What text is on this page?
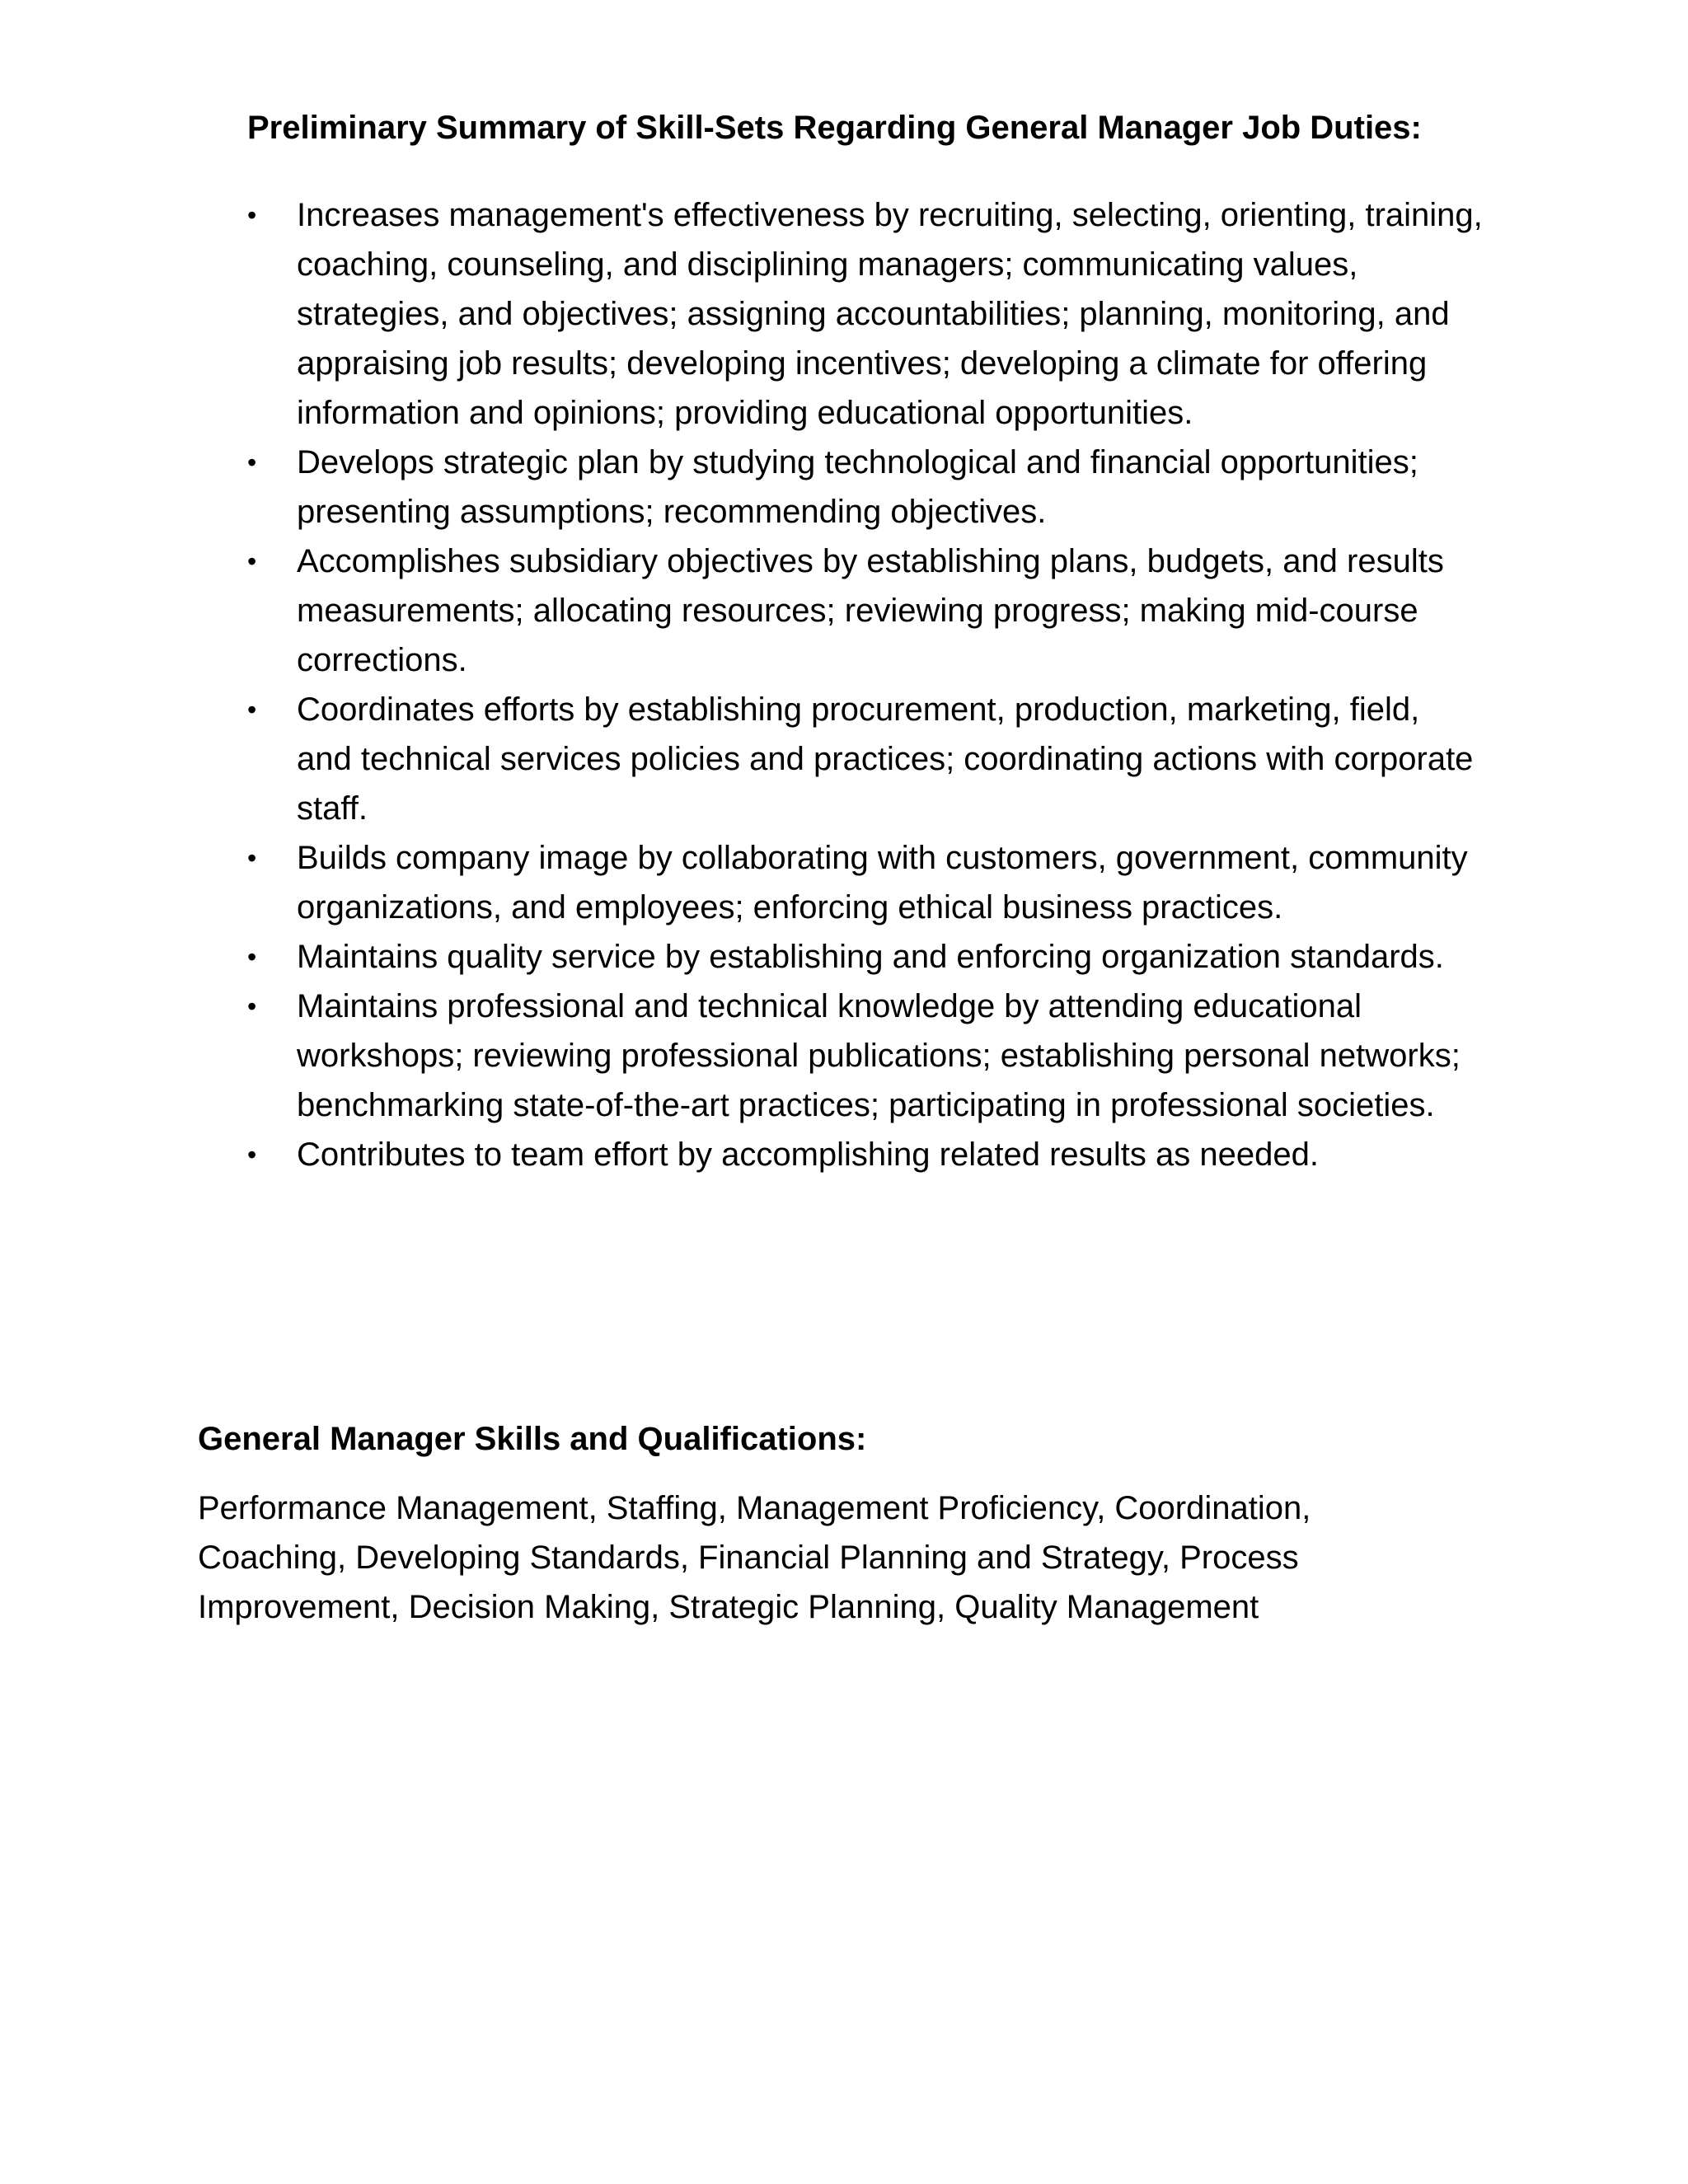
Preliminary Summary of Skill-Sets Regarding General Manager Job Duties:
•	Increases management's effectiveness by recruiting, selecting, orienting, training, coaching, counseling, and disciplining managers; communicating values, strategies, and objectives; assigning accountabilities; planning, monitoring, and appraising job results; developing incentives; developing a climate for offering information and opinions; providing educational opportunities.
•	Develops strategic plan by studying technological and financial opportunities; presenting assumptions; recommending objectives.
•	Accomplishes subsidiary objectives by establishing plans, budgets, and results measurements; allocating resources; reviewing progress; making mid-course corrections.
•	Coordinates efforts by establishing procurement, production, marketing, field, and technical services policies and practices; coordinating actions with corporate staff.
•	Builds company image by collaborating with customers, government, community organizations, and employees; enforcing ethical business practices.
•	Maintains quality service by establishing and enforcing organization standards.
•	Maintains professional and technical knowledge by attending educational workshops; reviewing professional publications; establishing personal networks; benchmarking state-of-the-art practices; participating in professional societies.
•	Contributes to team effort by accomplishing related results as needed.
General Manager Skills and Qualifications:

Performance Management, Staffing, Management Proficiency, Coordination, Coaching, Developing Standards, Financial Planning and Strategy, Process Improvement, Decision Making, Strategic Planning, Quality Management
